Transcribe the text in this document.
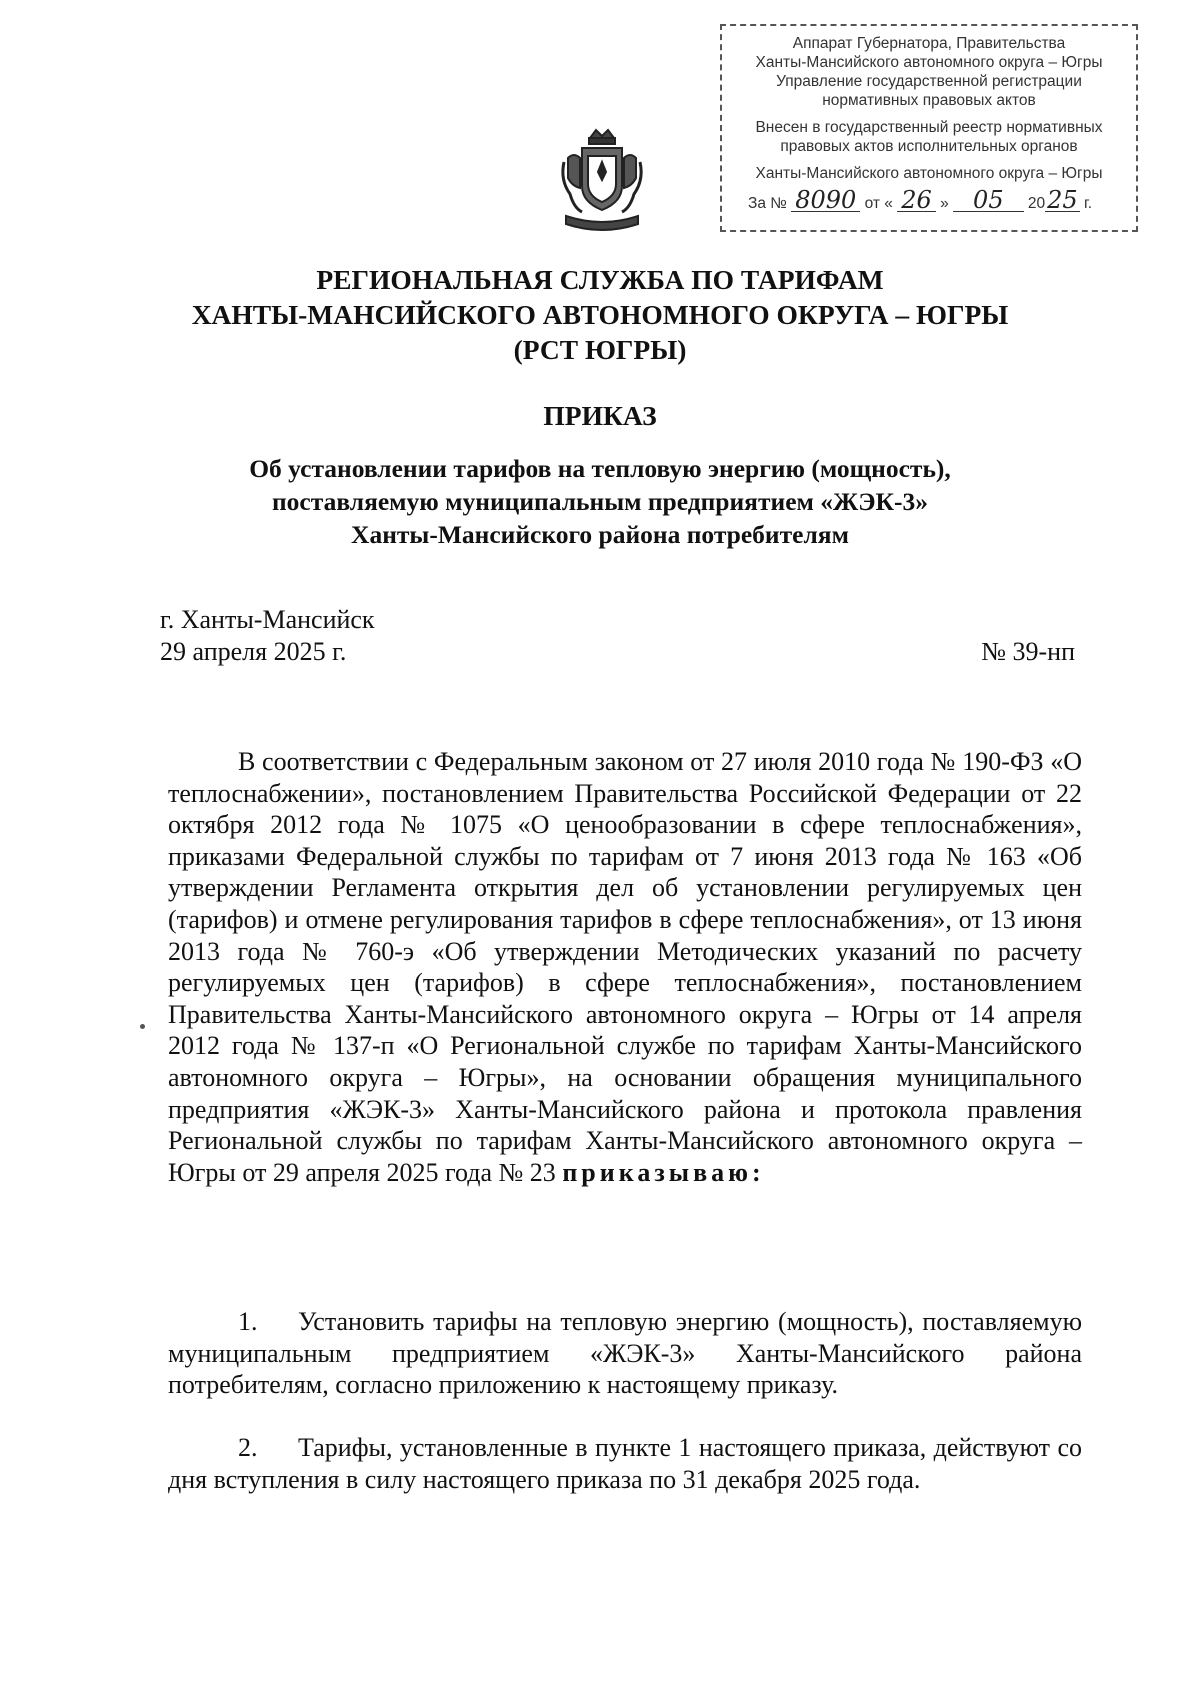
Аппарат Губернатора, Правительства
Ханты-Мансийского автономного округа – Югры
Управление государственной регистрации
нормативных правовых актов
Внесен в государственный реестр нормативных
правовых актов исполнительных органов
Ханты-Мансийского автономного округа – Югры
За № 8090 от « 26 » 05 2025 г.
РЕГИОНАЛЬНАЯ СЛУЖБА ПО ТАРИФАМ
ХАНТЫ-МАНСИЙСКОГО АВТОНОМНОГО ОКРУГА – ЮГРЫ
(РСТ ЮГРЫ)
ПРИКАЗ
Об установлении тарифов на тепловую энергию (мощность),
поставляемую муниципальным предприятием «ЖЭК-3»
Ханты-Мансийского района потребителям
г. Ханты-Мансийск
29 апреля 2025 г.	№ 39-нп
В соответствии с Федеральным законом от 27 июля 2010 года № 190-ФЗ «О теплоснабжении», постановлением Правительства Российской Федерации от 22 октября 2012 года № 1075 «О ценообразовании в сфере теплоснабжения», приказами Федеральной службы по тарифам от 7 июня 2013 года № 163 «Об утверждении Регламента открытия дел об установлении регулируемых цен (тарифов) и отмене регулирования тарифов в сфере теплоснабжения», от 13 июня 2013 года № 760-э «Об утверждении Методических указаний по расчету регулируемых цен (тарифов) в сфере теплоснабжения», постановлением Правительства Ханты-Мансийского автономного округа – Югры от 14 апреля 2012 года № 137-п «О Региональной службе по тарифам Ханты-Мансийского автономного округа – Югры», на основании обращения муниципального предприятия «ЖЭК-3» Ханты-Мансийского района и протокола правления Региональной службы по тарифам Ханты-Мансийского автономного округа – Югры от 29 апреля 2025 года № 23 приказываю:
1. Установить тарифы на тепловую энергию (мощность), поставляемую муниципальным предприятием «ЖЭК-3» Ханты-Мансийского района потребителям, согласно приложению к настоящему приказу.
2. Тарифы, установленные в пункте 1 настоящего приказа, действуют со дня вступления в силу настоящего приказа по 31 декабря 2025 года.
